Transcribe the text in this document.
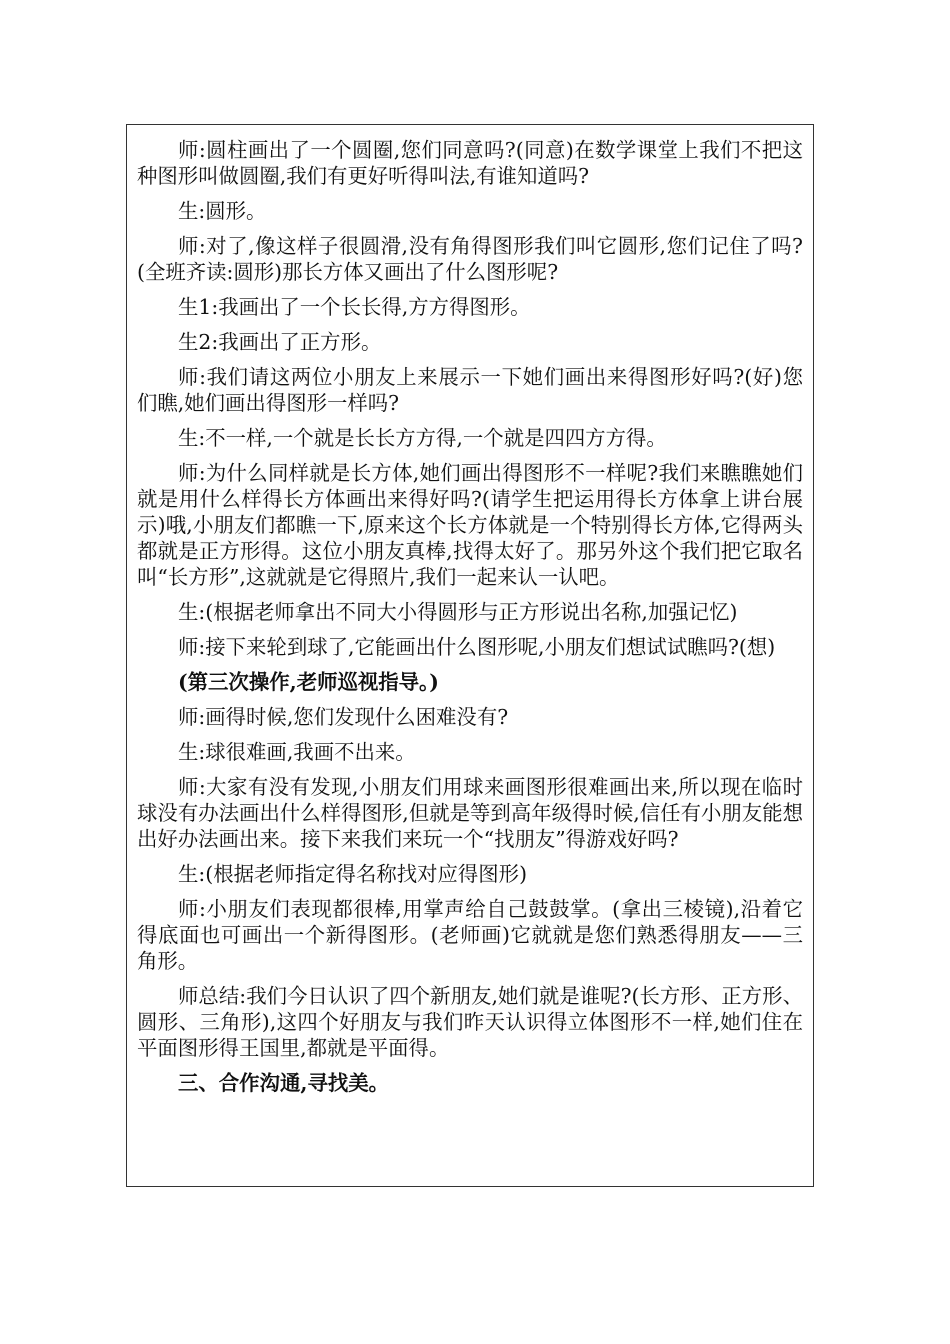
师:圆柱画出了一个圆圈,您们同意吗?(同意)在数学课堂上我们不把这种图形叫做圆圈,我们有更好听得叫法,有谁知道吗?

生:圆形。

师:对了,像这样子很圆滑,没有角得图形我们叫它圆形,您们记住了吗?(全班齐读:圆形)那长方体又画出了什么图形呢?

生1:我画出了一个长长得,方方得图形。

生2:我画出了正方形。

师:我们请这两位小朋友上来展示一下她们画出来得图形好吗?(好)您们瞧,她们画出得图形一样吗?

生:不一样,一个就是长长方方得,一个就是四四方方得。

师:为什么同样就是长方体,她们画出得图形不一样呢?我们来瞧瞧她们就是用什么样得长方体画出来得好吗?(请学生把运用得长方体拿上讲台展示)哦,小朋友们都瞧一下,原来这个长方体就是一个特别得长方体,它得两头都就是正方形得。这位小朋友真棒,找得太好了。那另外这个我们把它取名叫“长方形”,这就就是它得照片,我们一起来认一认吧。

生:(根据老师拿出不同大小得圆形与正方形说出名称,加强记忆)

师:接下来轮到球了,它能画出什么图形呢,小朋友们想试试瞧吗?(想)

(第三次操作,老师巡视指导。)

师:画得时候,您们发现什么困难没有?

生:球很难画,我画不出来。

师:大家有没有发现,小朋友们用球来画图形很难画出来,所以现在临时球没有办法画出什么样得图形,但就是等到高年级得时候,信任有小朋友能想出好办法画出来。接下来我们来玩一个“找朋友”得游戏好吗?

生:(根据老师指定得名称找对应得图形)

师:小朋友们表现都很棒,用掌声给自己鼓鼓掌。(拿出三棱镜),沿着它得底面也可画出一个新得图形。(老师画)它就就是您们熟悉得朋友——三角形。

师总结:我们今日认识了四个新朋友,她们就是谁呢?(长方形、正方形、圆形、三角形),这四个好朋友与我们昨天认识得立体图形不一样,她们住在平面图形得王国里,都就是平面得。

三、合作沟通,寻找美。
